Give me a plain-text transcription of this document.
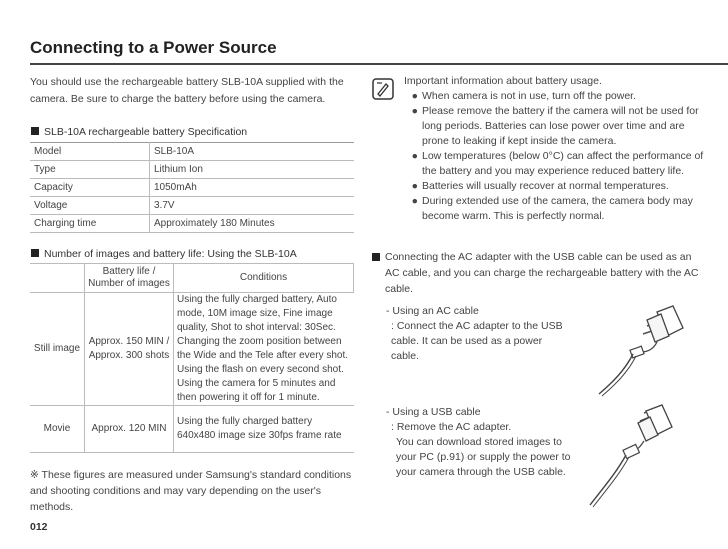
Connecting to a Power Source
You should use the rechargeable battery SLB-10A supplied with the camera. Be sure to charge the battery before using the camera.
SLB-10A rechargeable battery Specification
Model	SLB-10A
Type	Lithium Ion
Capacity	1050mAh
Voltage	3.7V
Charging time	Approximately 180 Minutes
Number of images and battery life: Using the SLB-10A
	Battery life / Number of images	Conditions
Still image	Approx. 150 MIN / Approx. 300 shots	Using the fully charged battery, Auto mode, 10M image size, Fine image quality, Shot to shot interval: 30Sec. Changing the zoom position between the Wide and the Tele after every shot. Using the flash on every second shot. Using the camera for 5 minutes and then powering it off for 1 minute.
Movie	Approx. 120 MIN	Using the fully charged battery 640x480 image size 30fps frame rate
※ These figures are measured under Samsung's standard conditions and shooting conditions and may vary depending on the user's methods.
012
Important information about battery usage.
● When camera is not in use, turn off the power.
● Please remove the battery if the camera will not be used for long periods. Batteries can lose power over time and are prone to leaking if kept inside the camera.
● Low temperatures (below 0°C) can affect the performance of the battery and you may experience reduced battery life.
● Batteries will usually recover at normal temperatures.
● During extended use of the camera, the camera body may become warm. This is perfectly normal.
Connecting the AC adapter with the USB cable can be used as an AC cable, and you can charge the rechargeable battery with the AC cable.
- Using an AC cable
: Connect the AC adapter to the USB cable. It can be used as a power cable.
- Using a USB cable
: Remove the AC adapter.
You can download stored images to your PC (p.91) or supply the power to your camera through the USB cable.
